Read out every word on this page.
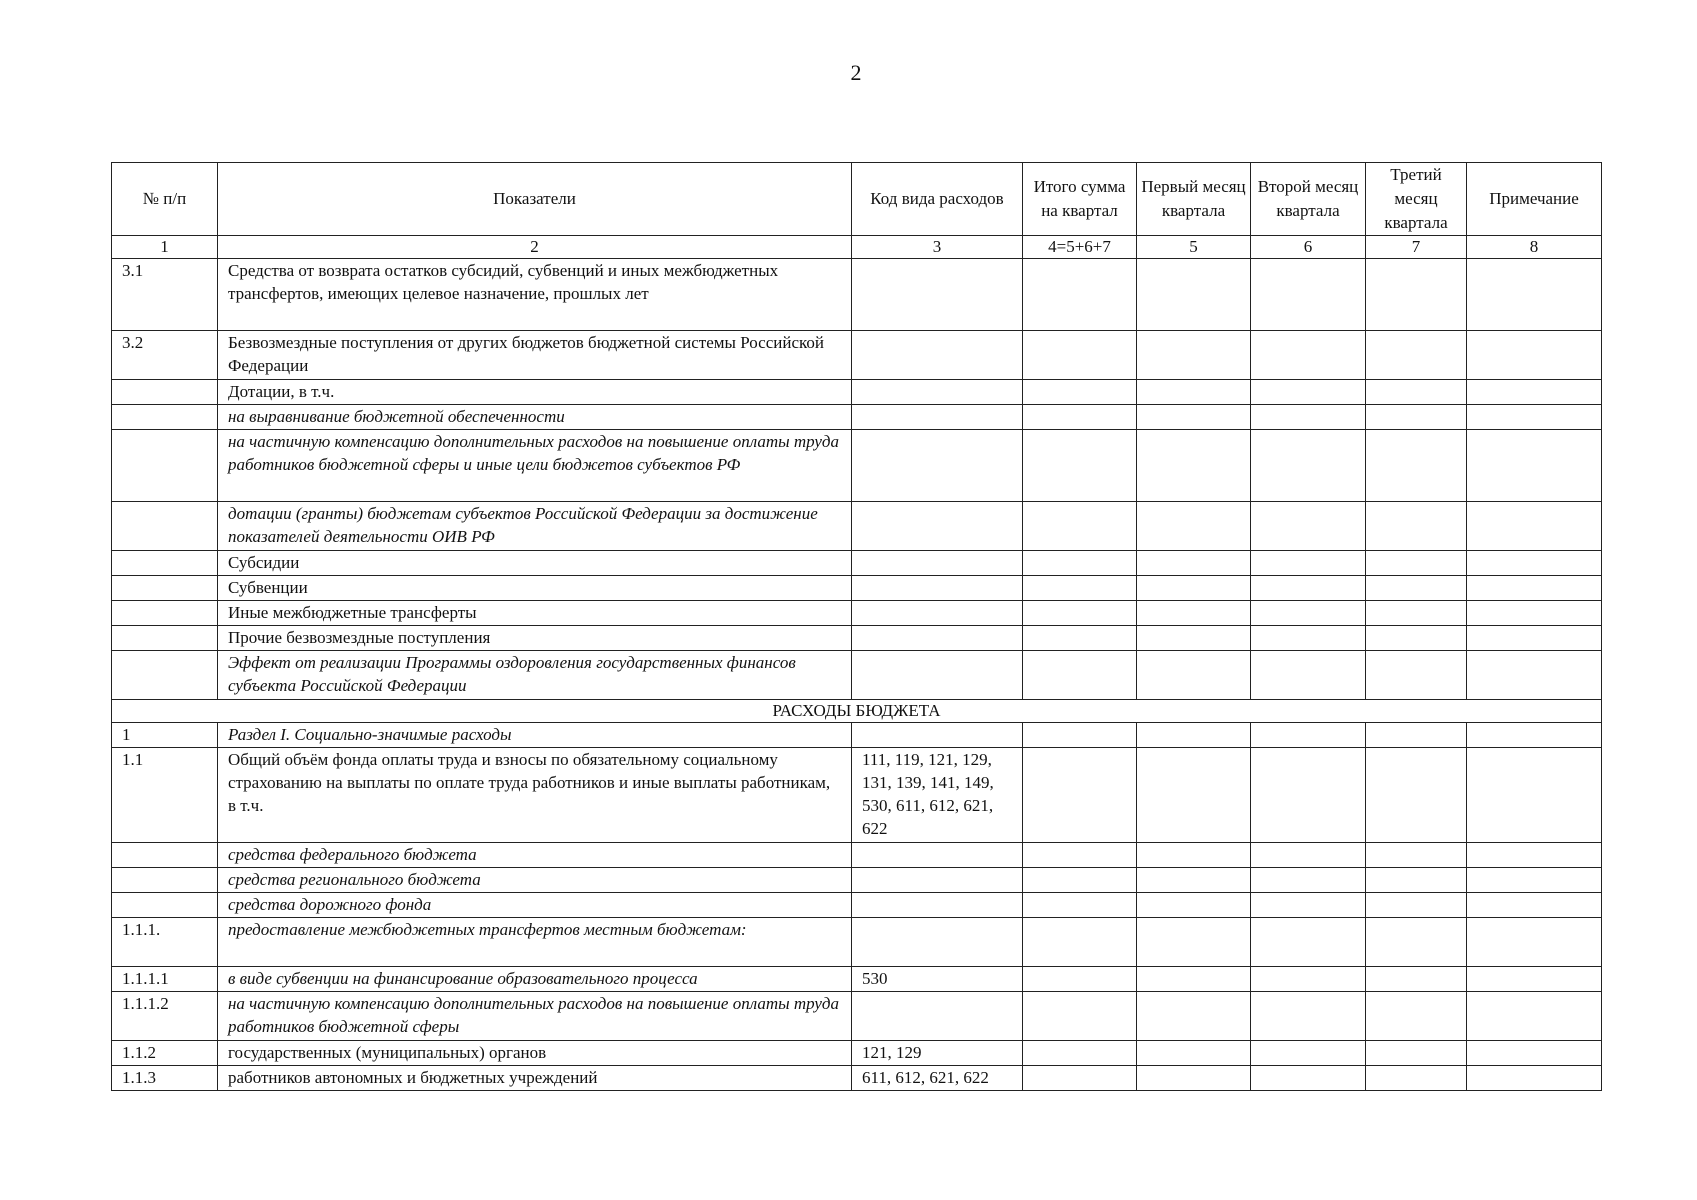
2
№ п/п	Показатели	Код вида расходов	Итого сумма на квартал	Первый месяц квартала	Второй месяц квартала	Третий месяц квартала	Примечание
1	2	3	4=5+6+7	5	6	7	8
3.1	Средства от возврата остатков субсидий, субвенций и иных межбюджетных трансфертов, имеющих целевое назначение, прошлых лет						
3.2	Безвозмездные поступления от других бюджетов бюджетной системы Российской Федерации						
	Дотации, в т.ч.						
	на выравнивание бюджетной обеспеченности						
	на частичную компенсацию дополнительных расходов на повышение оплаты труда работников бюджетной сферы и иные цели бюджетов субъектов РФ						
	дотации (гранты) бюджетам субъектов Российской Федерации за достижение показателей деятельности ОИВ РФ						
	Субсидии						
	Субвенции						
	Иные межбюджетные трансферты						
	Прочие безвозмездные поступления						
	Эффект от реализации Программы оздоровления государственных финансов субъекта Российской Федерации						
РАСХОДЫ БЮДЖЕТА							
1	Раздел I. Социально-значимые расходы						
1.1	Общий объём фонда оплаты труда и взносы по обязательному социальному страхованию на выплаты по оплате труда работников и иные выплаты работникам, в т.ч.	111, 119, 121, 129, 131, 139, 141, 149, 530, 611, 612, 621, 622					
	средства федерального бюджета						
	средства регионального бюджета						
	средства дорожного фонда						
1.1.1.	предоставление межбюджетных трансфертов местным бюджетам:						
1.1.1.1	в виде субвенции на финансирование образовательного процесса	530					
1.1.1.2	на частичную компенсацию дополнительных расходов на повышение оплаты труда работников бюджетной сферы						
1.1.2	государственных (муниципальных) органов	121, 129					
1.1.3	работников автономных и бюджетных учреждений	611, 612, 621, 622					
